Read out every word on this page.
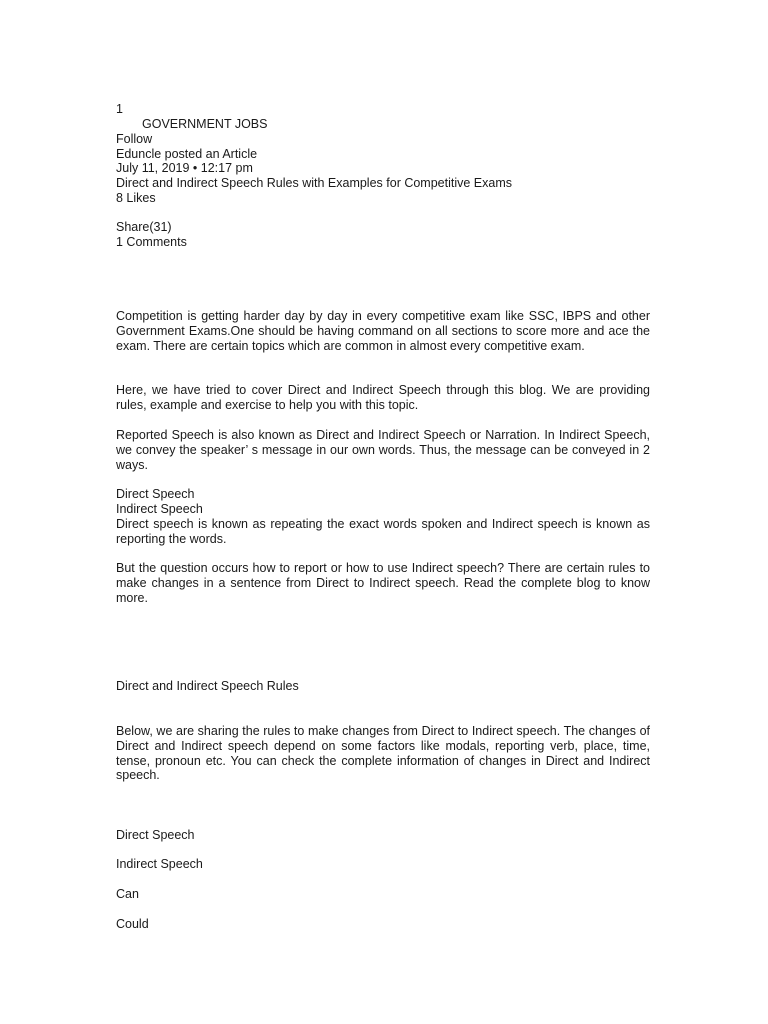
1
GOVERNMENT JOBS
Follow
Eduncle posted an Article
July 11, 2019 • 12:17 pm
Direct and Indirect Speech Rules with Examples for Competitive Exams
8 Likes
Share(31)
1 Comments
Competition is getting harder day by day in every competitive exam like SSC, IBPS and other Government Exams.One should be having command on all sections to score more and ace the exam. There are certain topics which are common in almost every competitive exam.
Here, we have tried to cover Direct and Indirect Speech through this blog. We are providing rules, example and exercise to help you with this topic.
Reported Speech is also known as Direct and Indirect Speech or Narration. In Indirect Speech, we convey the speaker’ s message in our own words. Thus, the message can be conveyed in 2 ways.
Direct Speech
Indirect Speech
Direct speech is known as repeating the exact words spoken and Indirect speech is known as reporting the words.
But the question occurs how to report or how to use Indirect speech? There are certain rules to make changes in a sentence from Direct to Indirect speech. Read the complete blog to know more.
Direct and Indirect Speech Rules
Below, we are sharing the rules to make changes from Direct to Indirect speech. The changes of Direct and Indirect speech depend on some factors like modals, reporting verb, place, time, tense, pronoun etc. You can check the complete information of changes in Direct and Indirect speech.
Direct Speech
Indirect Speech
Can
Could
